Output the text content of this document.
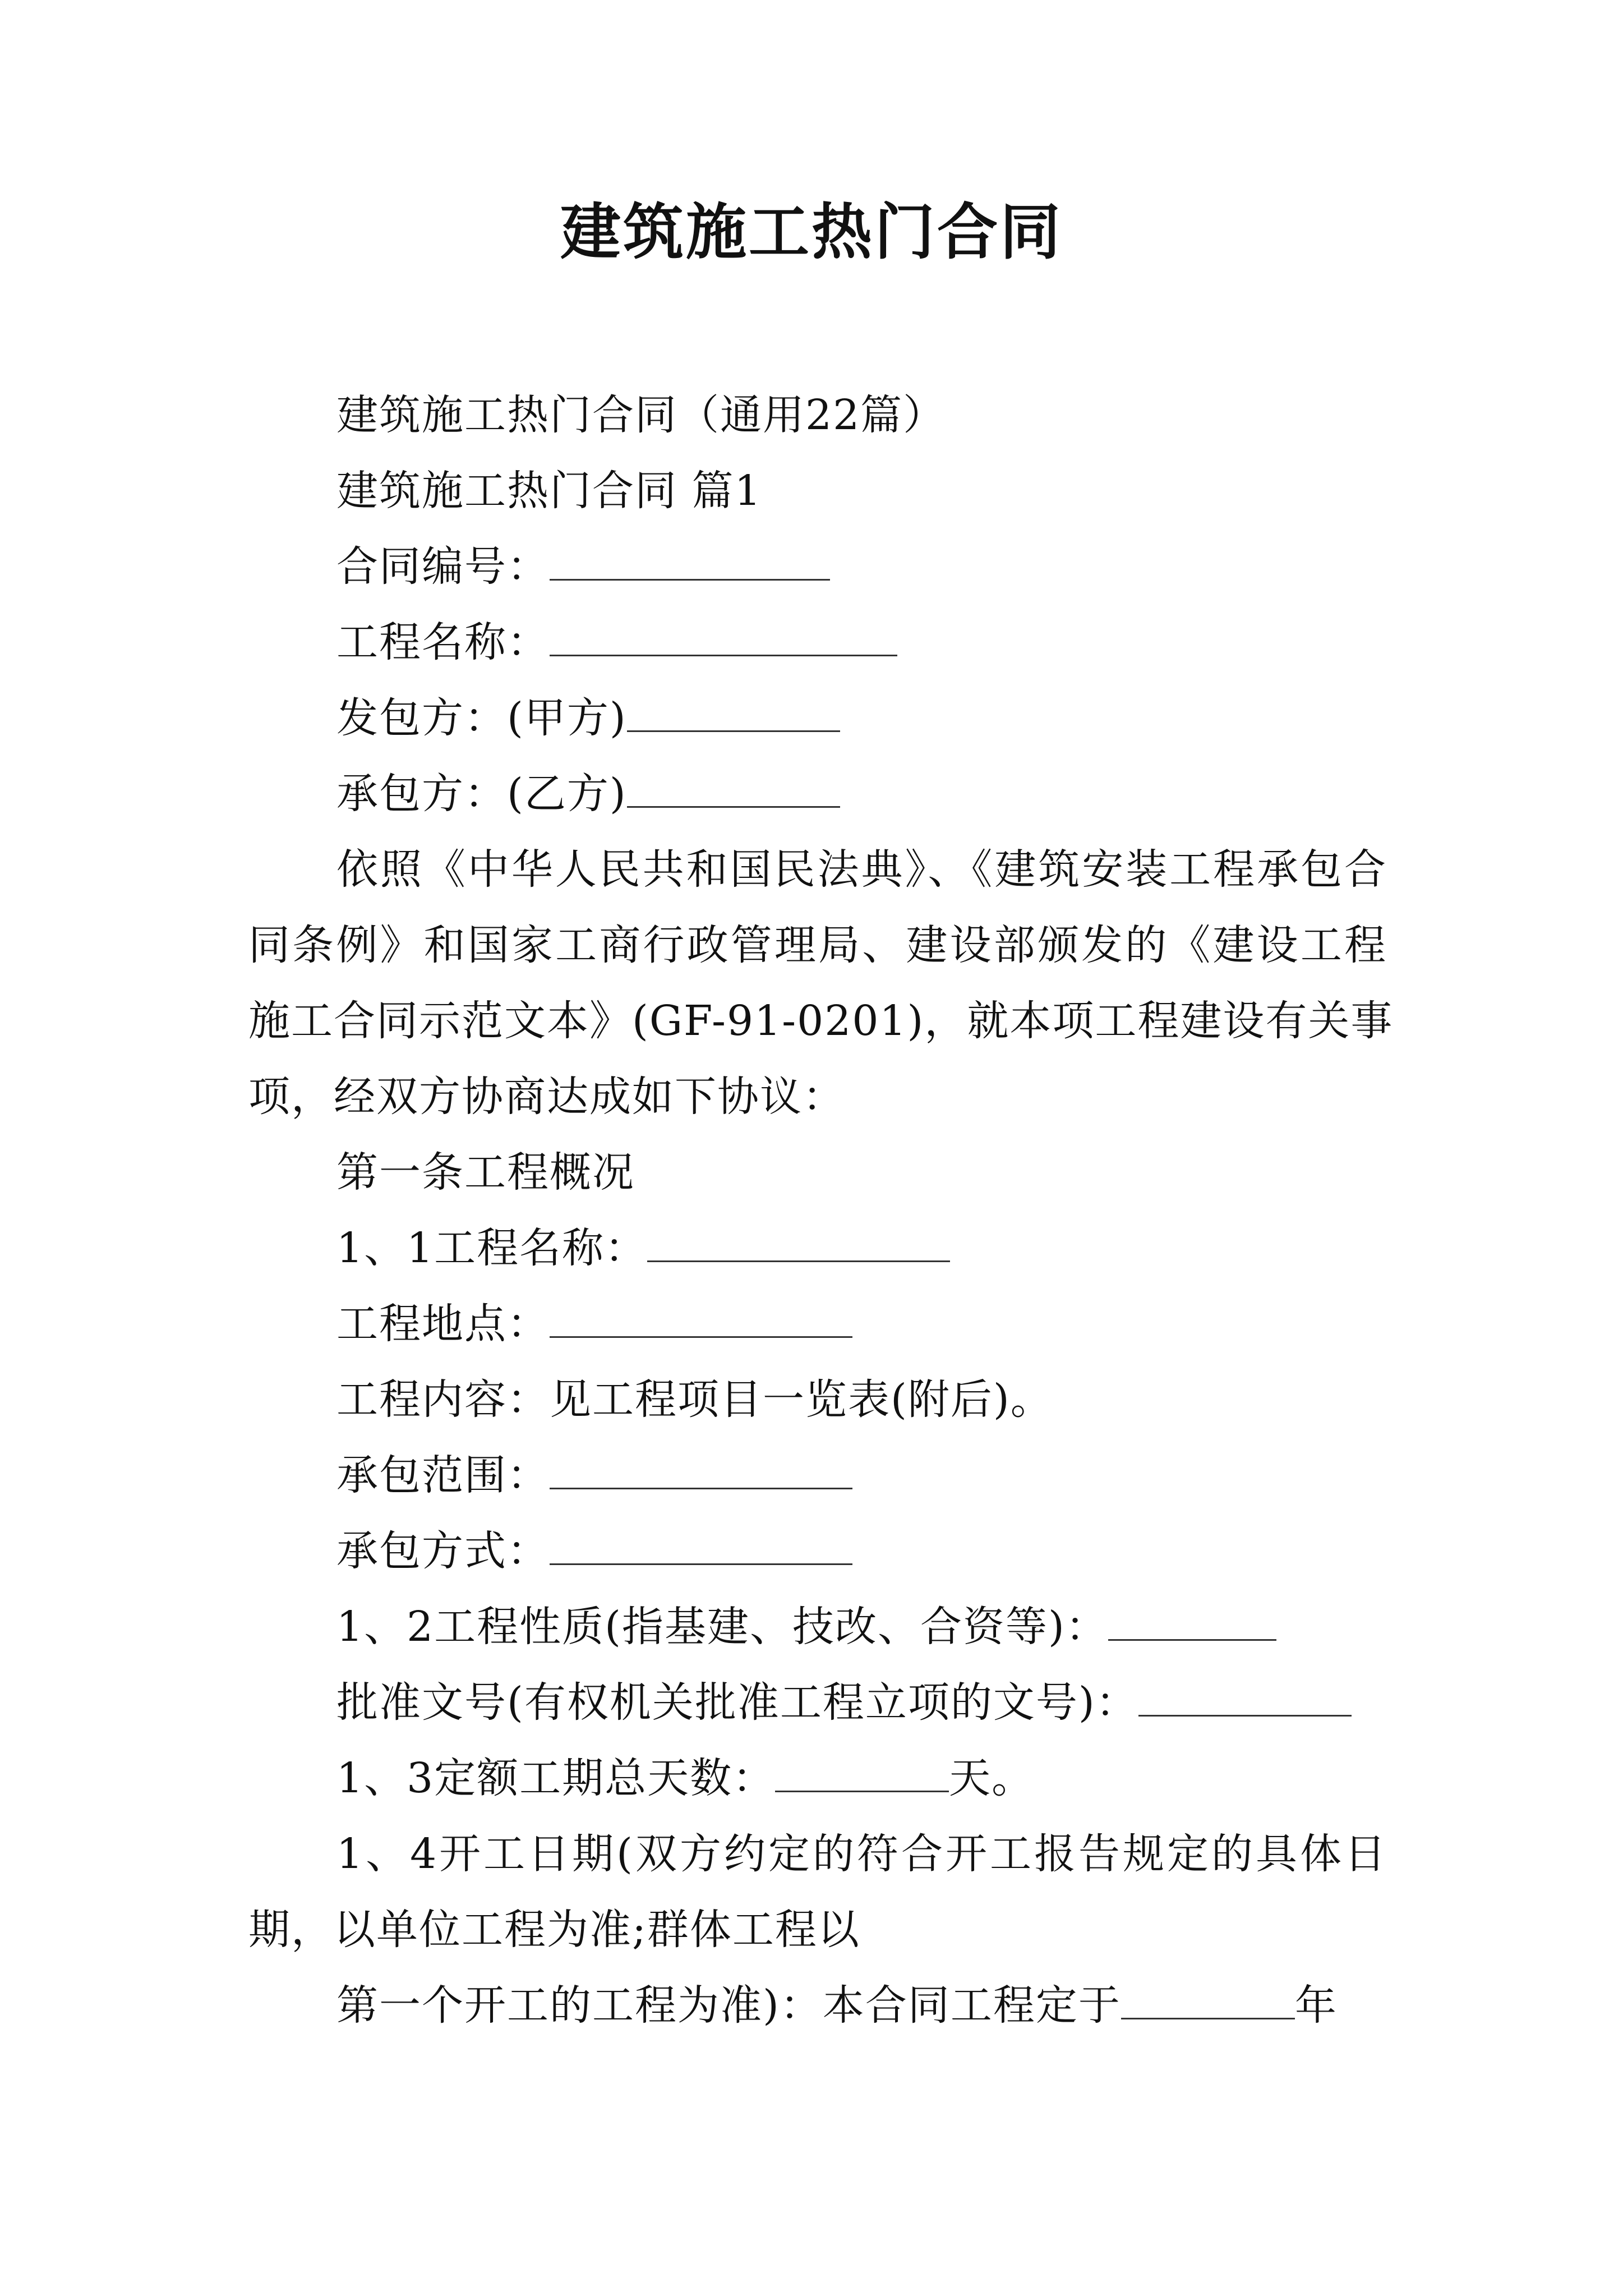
建筑施工热门合同
建筑施工热门合同（通用22篇）
建筑施工热门合同 篇1
合同编号：
工程名称：
发包方：(甲方)
承包方：(乙方)
依照《中华人民共和国民法典》、《建筑安装工程承包合
同条例》和国家工商行政管理局、建设部颁发的《建设工程
施工合同示范文本》(GF-91-0201)，就本项工程建设有关事
项，经双方协商达成如下协议：
第一条工程概况
1、1工程名称：
工程地点：
工程内容：见工程项目一览表(附后)。
承包范围：
承包方式：
1、2工程性质(指基建、技改、合资等)：
批准文号(有权机关批准工程立项的文号)：
1、3定额工期总天数：	天。
1、4开工日期(双方约定的符合开工报告规定的具体日
期，以单位工程为准;群体工程以
第一个开工的工程为准)：本合同工程定于	年
